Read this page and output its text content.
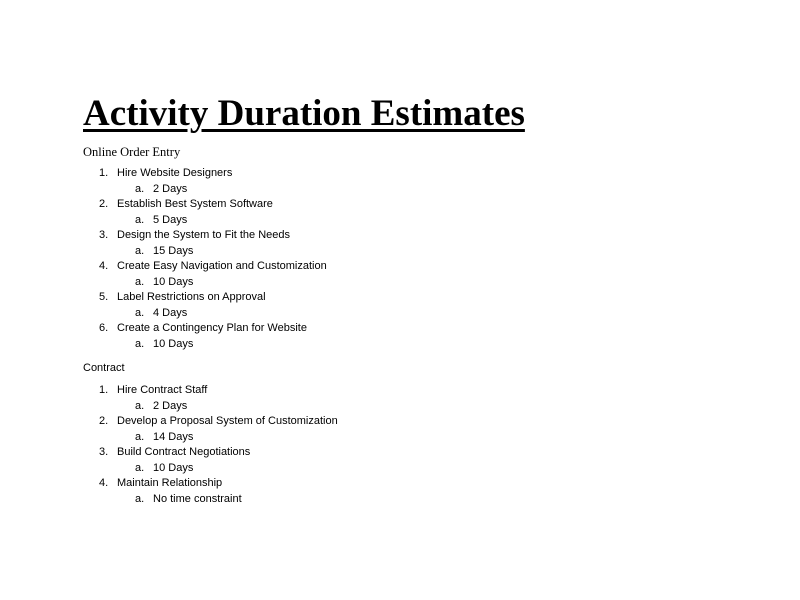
Activity Duration Estimates

Online Order Entry

1. Hire Website Designers
a. 2 Days
2. Establish Best System Software
a. 5 Days
3. Design the System to Fit the Needs
a. 15 Days
4. Create Easy Navigation and Customization
a. 10 Days
5. Label Restrictions on Approval
a. 4 Days
6. Create a Contingency Plan for Website
a. 10 Days

Contract

1. Hire Contract Staff
a. 2 Days
2. Develop a Proposal System of Customization
a. 14 Days
3. Build Contract Negotiations
a. 10 Days
4. Maintain Relationship
a. No time constraint
